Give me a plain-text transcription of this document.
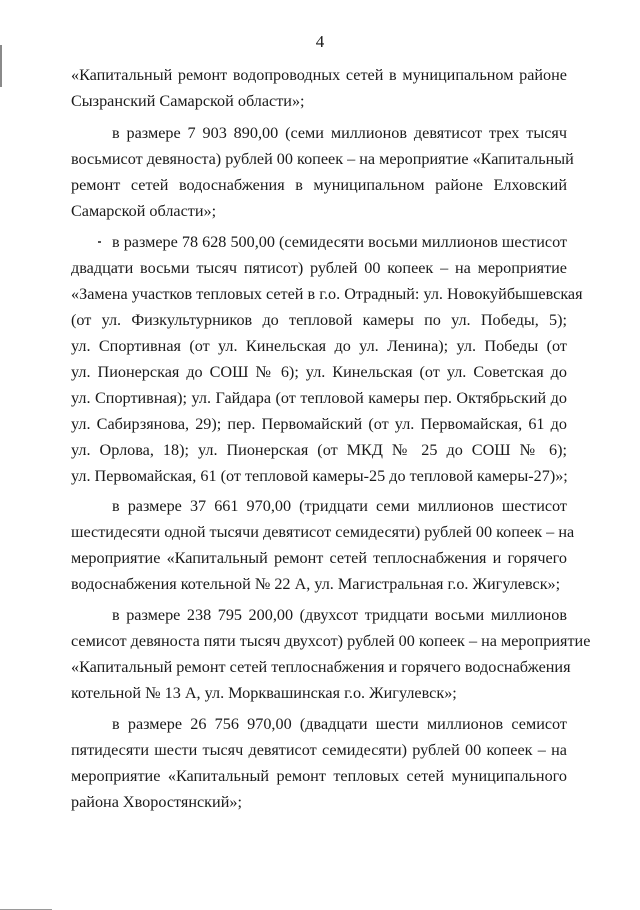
4
«Капитальный ремонт водопроводных сетей в муниципальном районе
Сызранский Самарской области»;
в размере 7 903 890,00 (семи миллионов девятисот трех тысяч
восьмисот девяноста) рублей 00 копеек – на мероприятие «Капитальный
ремонт сетей водоснабжения в муниципальном районе Елховский
Самарской области»;
в размере 78 628 500,00 (семидесяти восьми миллионов шестисот
двадцати восьми тысяч пятисот) рублей 00 копеек – на мероприятие
«Замена участков тепловых сетей в г.о. Отрадный: ул. Новокуйбышевская
(от ул. Физкультурников до тепловой камеры по ул. Победы, 5);
ул. Спортивная (от ул. Кинельская до ул. Ленина); ул. Победы (от
ул. Пионерская до СОШ № 6); ул. Кинельская (от ул. Советская до
ул. Спортивная); ул. Гайдара (от тепловой камеры пер. Октябрьский до
ул. Сабирзянова, 29); пер. Первомайский (от ул. Первомайская, 61 до
ул. Орлова, 18); ул. Пионерская (от МКД № 25 до СОШ № 6);
ул. Первомайская, 61 (от тепловой камеры-25 до тепловой камеры-27)»;
в размере 37 661 970,00 (тридцати семи миллионов шестисот
шестидесяти одной тысячи девятисот семидесяти) рублей 00 копеек – на
мероприятие «Капитальный ремонт сетей теплоснабжения и горячего
водоснабжения котельной № 22 А, ул. Магистральная г.о. Жигулевск»;
в размере 238 795 200,00 (двухсот тридцати восьми миллионов
семисот девяноста пяти тысяч двухсот) рублей 00 копеек – на мероприятие
«Капитальный ремонт сетей теплоснабжения и горячего водоснабжения
котельной № 13 А, ул. Морквашинская г.о. Жигулевск»;
в размере 26 756 970,00 (двадцати шести миллионов семисот
пятидесяти шести тысяч девятисот семидесяти) рублей 00 копеек – на
мероприятие «Капитальный ремонт тепловых сетей муниципального
района Хворостянский»;
